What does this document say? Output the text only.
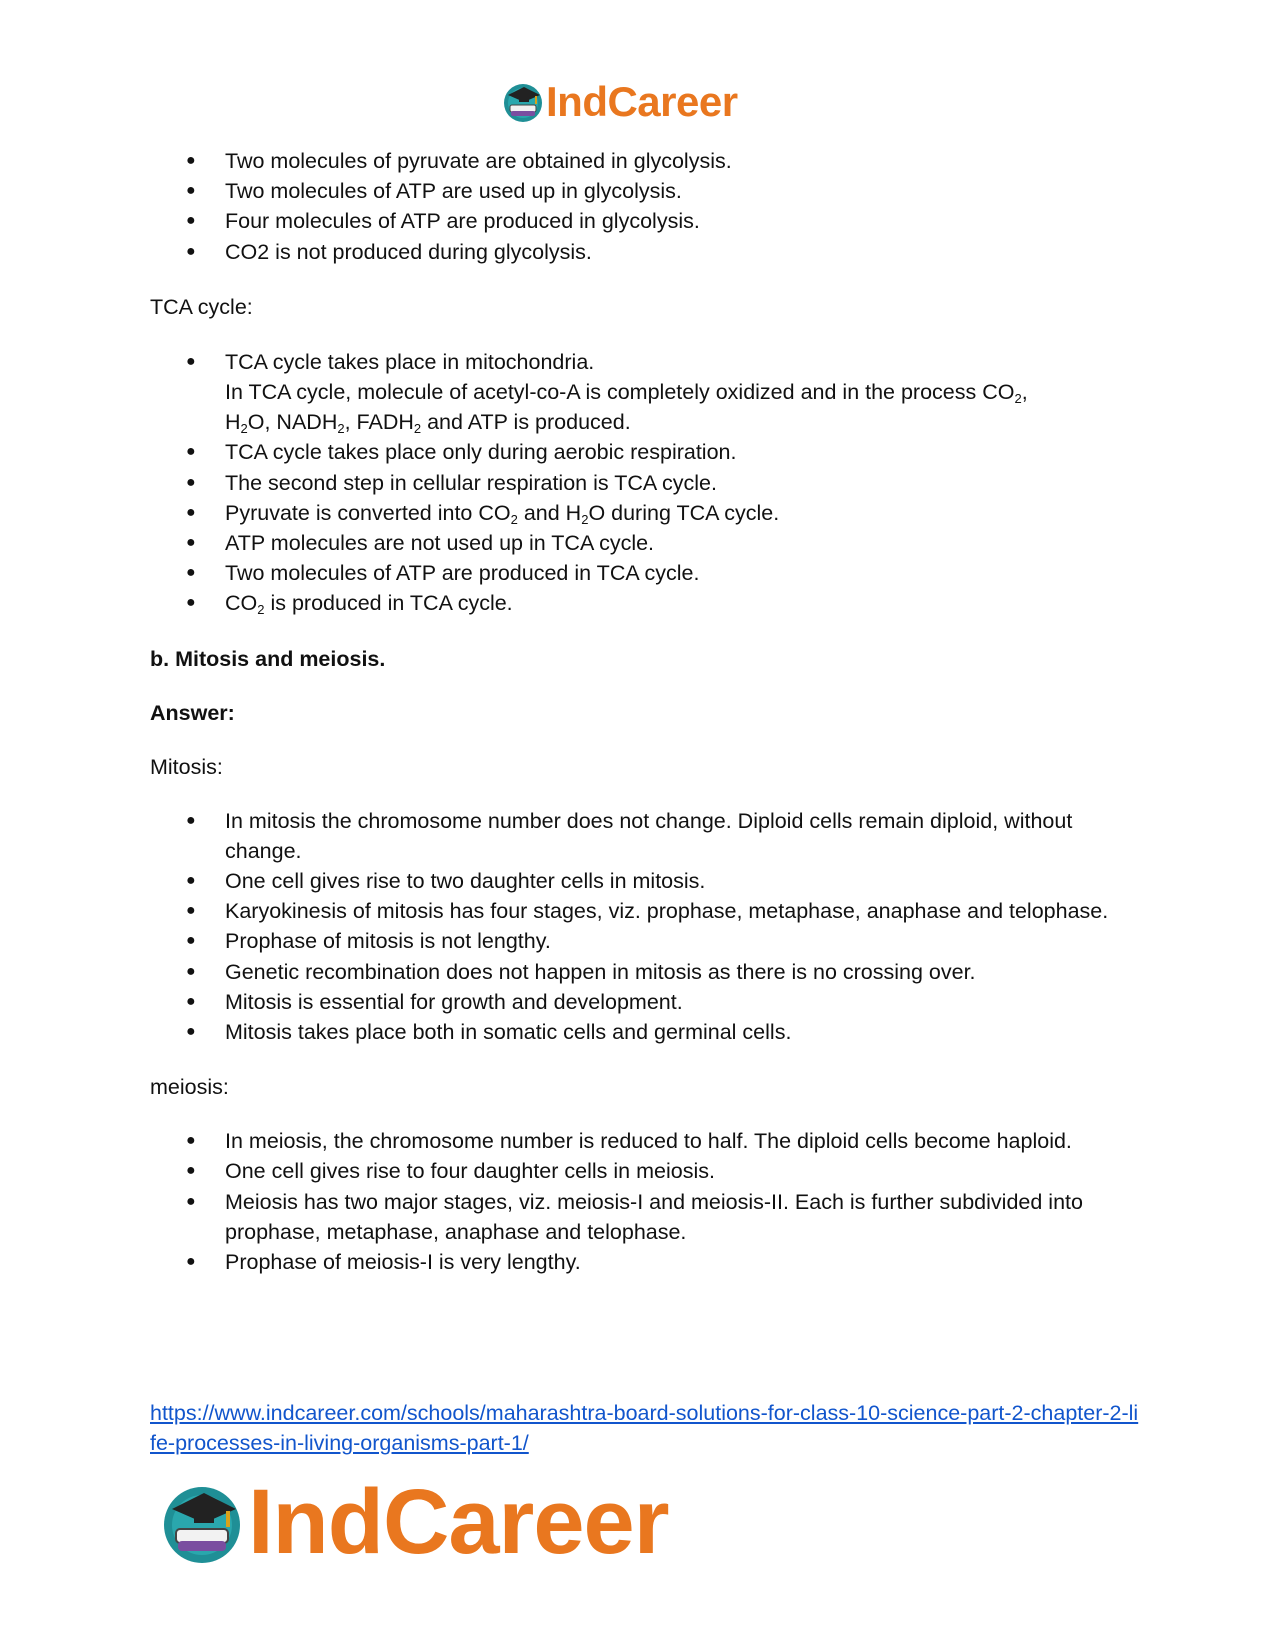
IndCareer
● Two molecules of pyruvate are obtained in glycolysis.
● Two molecules of ATP are used up in glycolysis.
● Four molecules of ATP are produced in glycolysis.
● CO2 is not produced during glycolysis.

TCA cycle:

● TCA cycle takes place in mitochondria.
In TCA cycle, molecule of acetyl-co-A is completely oxidized and in the process $CO_2$,
$H_2O$, $NADH_2$, $FADH_2$ and ATP is produced.
● TCA cycle takes place only during aerobic respiration.
● The second step in cellular respiration is TCA cycle.
● Pyruvate is converted into $CO_2$ and $H_2O$ during TCA cycle.
● ATP molecules are not used up in TCA cycle.
● Two molecules of ATP are produced in TCA cycle.
● $CO_2$ is produced in TCA cycle.

b. Mitosis and meiosis.

Answer:

Mitosis:

● In mitosis the chromosome number does not change. Diploid cells remain diploid, without change.
● One cell gives rise to two daughter cells in mitosis.
● Karyokinesis of mitosis has four stages, viz. prophase, metaphase, anaphase and telophase.
● Prophase of mitosis is not lengthy.
● Genetic recombination does not happen in mitosis as there is no crossing over.
● Mitosis is essential for growth and development.
● Mitosis takes place both in somatic cells and germinal cells.

meiosis:

● In meiosis, the chromosome number is reduced to half. The diploid cells become haploid.
● One cell gives rise to four daughter cells in meiosis.
● Meiosis has two major stages, viz. meiosis-I and meiosis-II. Each is further subdivided into prophase, metaphase, anaphase and telophase.
● Prophase of meiosis-I is very lengthy.
https://www.indcareer.com/schools/maharashtra-board-solutions-for-class-10-science-part-2-chapter-2-life-processes-in-living-organisms-part-1/
IndCareer
